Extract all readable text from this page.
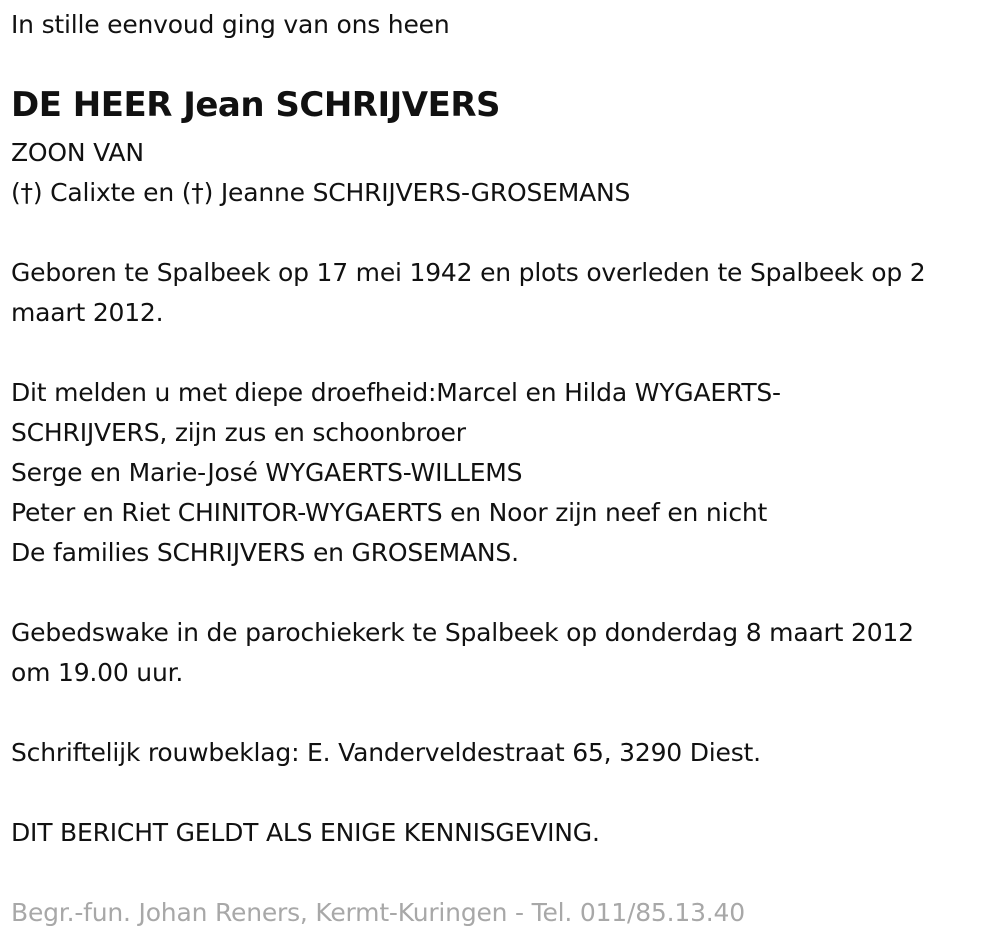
In stille eenvoud ging van ons heen
DE HEER Jean SCHRIJVERS
ZOON VAN
(†) Calixte en (†) Jeanne SCHRIJVERS-GROSEMANS
Geboren te Spalbeek op 17 mei 1942 en plots overleden te Spalbeek op 2
maart 2012.
Dit melden u met diepe droefheid:Marcel en Hilda WYGAERTS-
SCHRIJVERS, zijn zus en schoonbroer
Serge en Marie-José WYGAERTS-WILLEMS
Peter en Riet CHINITOR-WYGAERTS en Noor zijn neef en nicht
De families SCHRIJVERS en GROSEMANS.
Gebedswake in de parochiekerk te Spalbeek op donderdag 8 maart 2012
om 19.00 uur.
Schriftelijk rouwbeklag: E. Vanderveldestraat 65, 3290 Diest.
DIT BERICHT GELDT ALS ENIGE KENNISGEVING.
Begr.-fun. Johan Reners, Kermt-Kuringen - Tel. 011/85.13.40
